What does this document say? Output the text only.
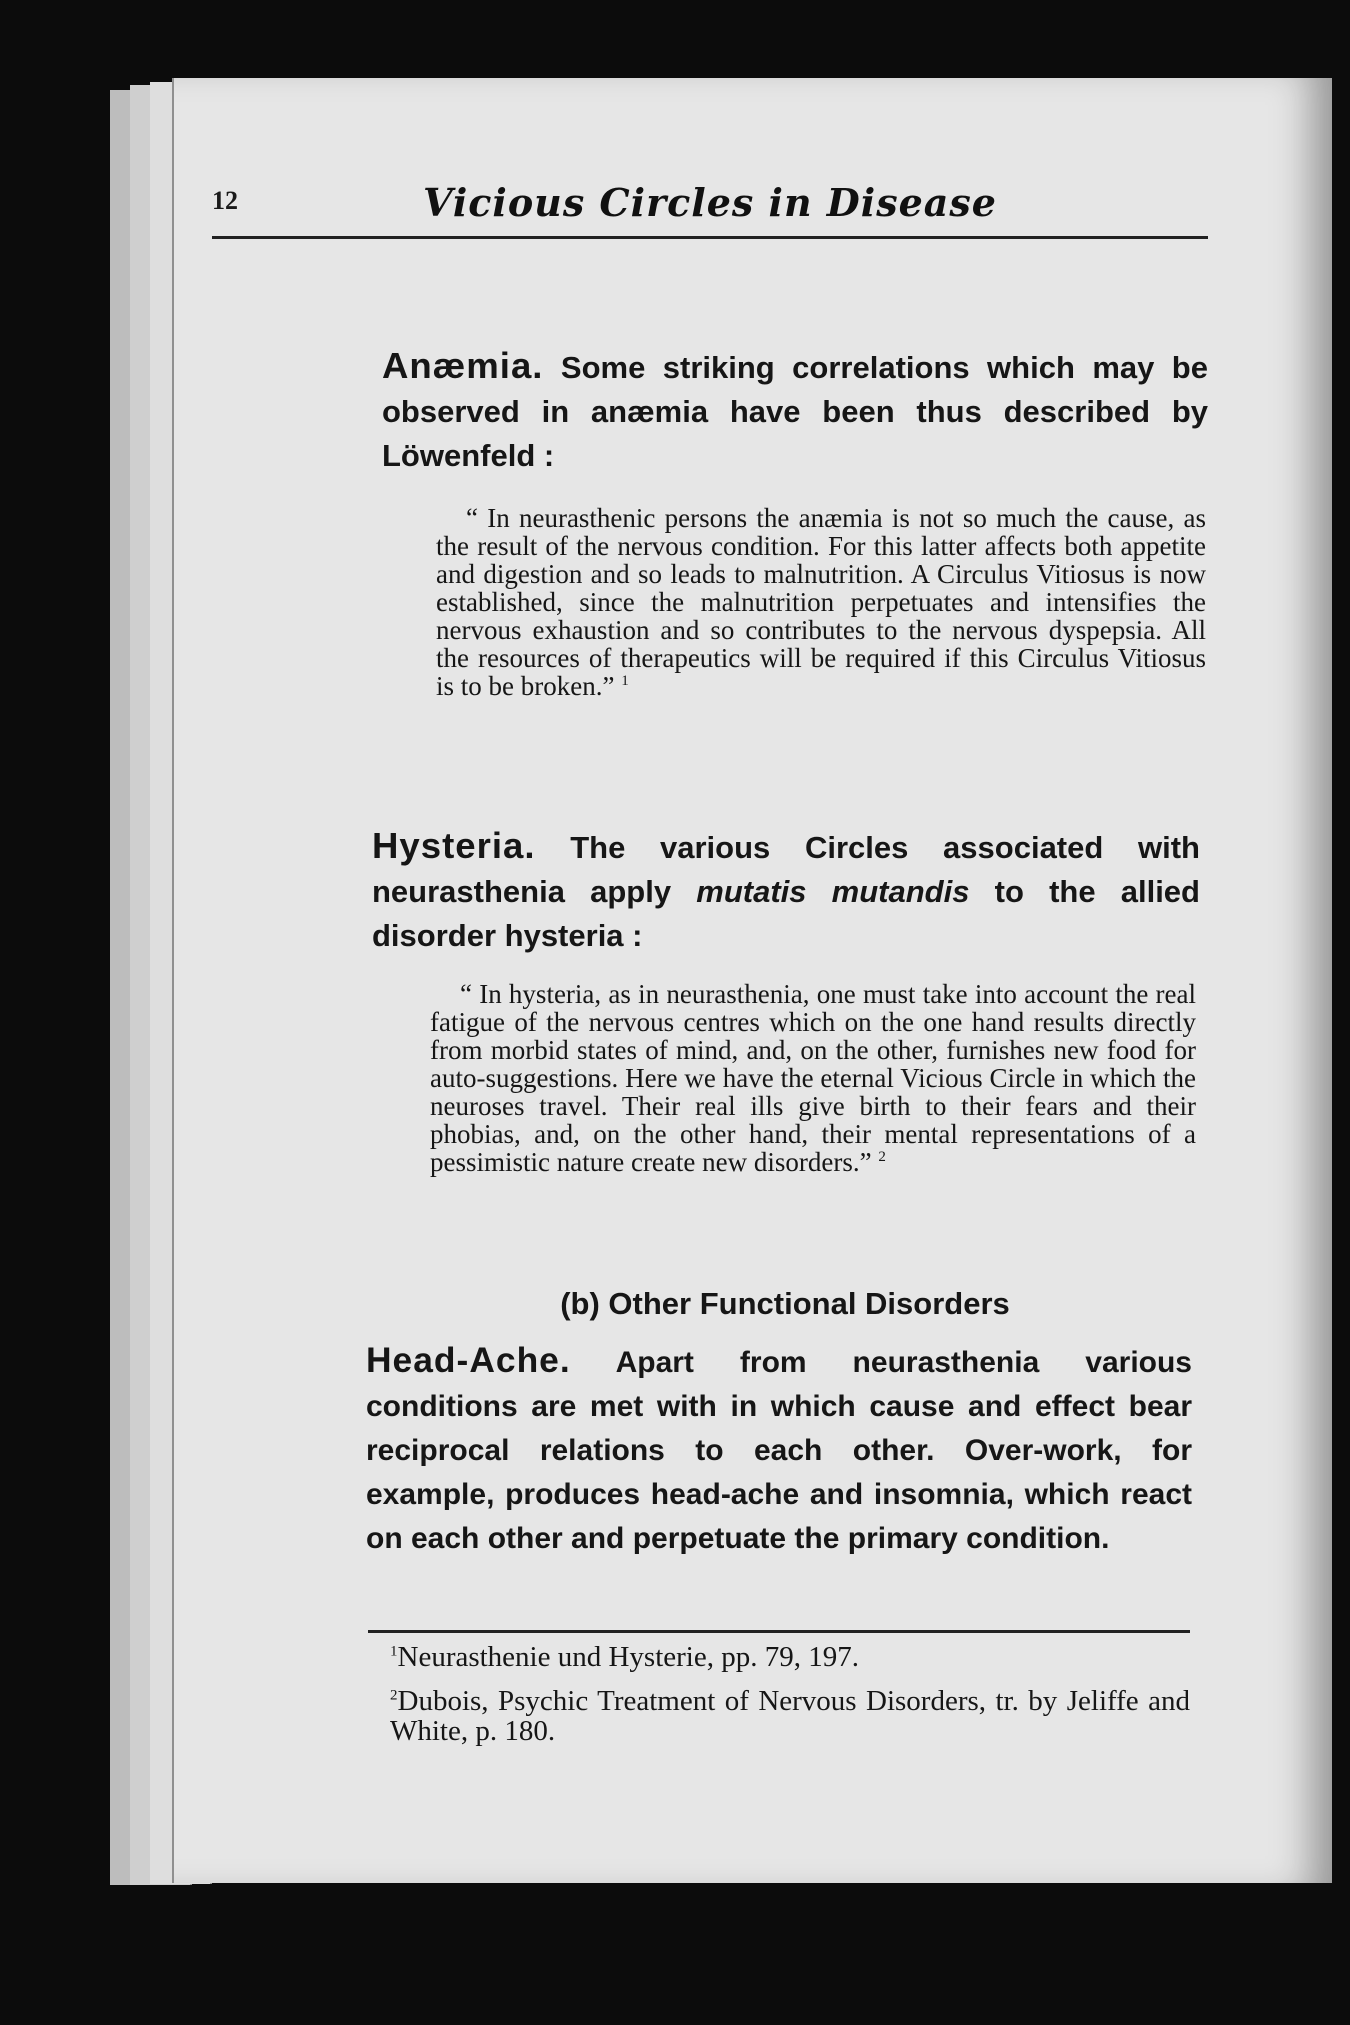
12	Vicious Circles in Disease

Anæmia. Some striking correlations which may be observed in anæmia have been thus described by Löwenfeld :

“ In neurasthenic persons the anæmia is not so much the cause, as the result of the nervous condition. For this latter affects both appetite and digestion and so leads to malnutrition. A Circulus Vitiosus is now established, since the malnutrition perpetuates and intensifies the nervous exhaustion and so contributes to the nervous dyspepsia. All the resources of therapeutics will be required if this Circulus Vitiosus is to be broken.” $^1$

Hysteria. The various Circles associated with neurasthenia apply mutatis mutandis to the allied disorder hysteria :

“ In hysteria, as in neurasthenia, one must take into account the real fatigue of the nervous centres which on the one hand results directly from morbid states of mind, and, on the other, furnishes new food for auto-suggestions. Here we have the eternal Vicious Circle in which the neuroses travel. Their real ills give birth to their fears and their phobias, and, on the other hand, their mental representations of a pessimistic nature create new disorders.” $^2$

(b) Other Functional Disorders

Head-Ache. Apart from neurasthenia various conditions are met with in which cause and effect bear reciprocal relations to each other. Over-work, for example, produces head-ache and insomnia, which react on each other and perpetuate the primary condition.

$^1$Neurasthenie und Hysterie, pp. 79, 197.
$^2$Dubois, Psychic Treatment of Nervous Disorders, tr. by Jeliffe and White, p. 180.
